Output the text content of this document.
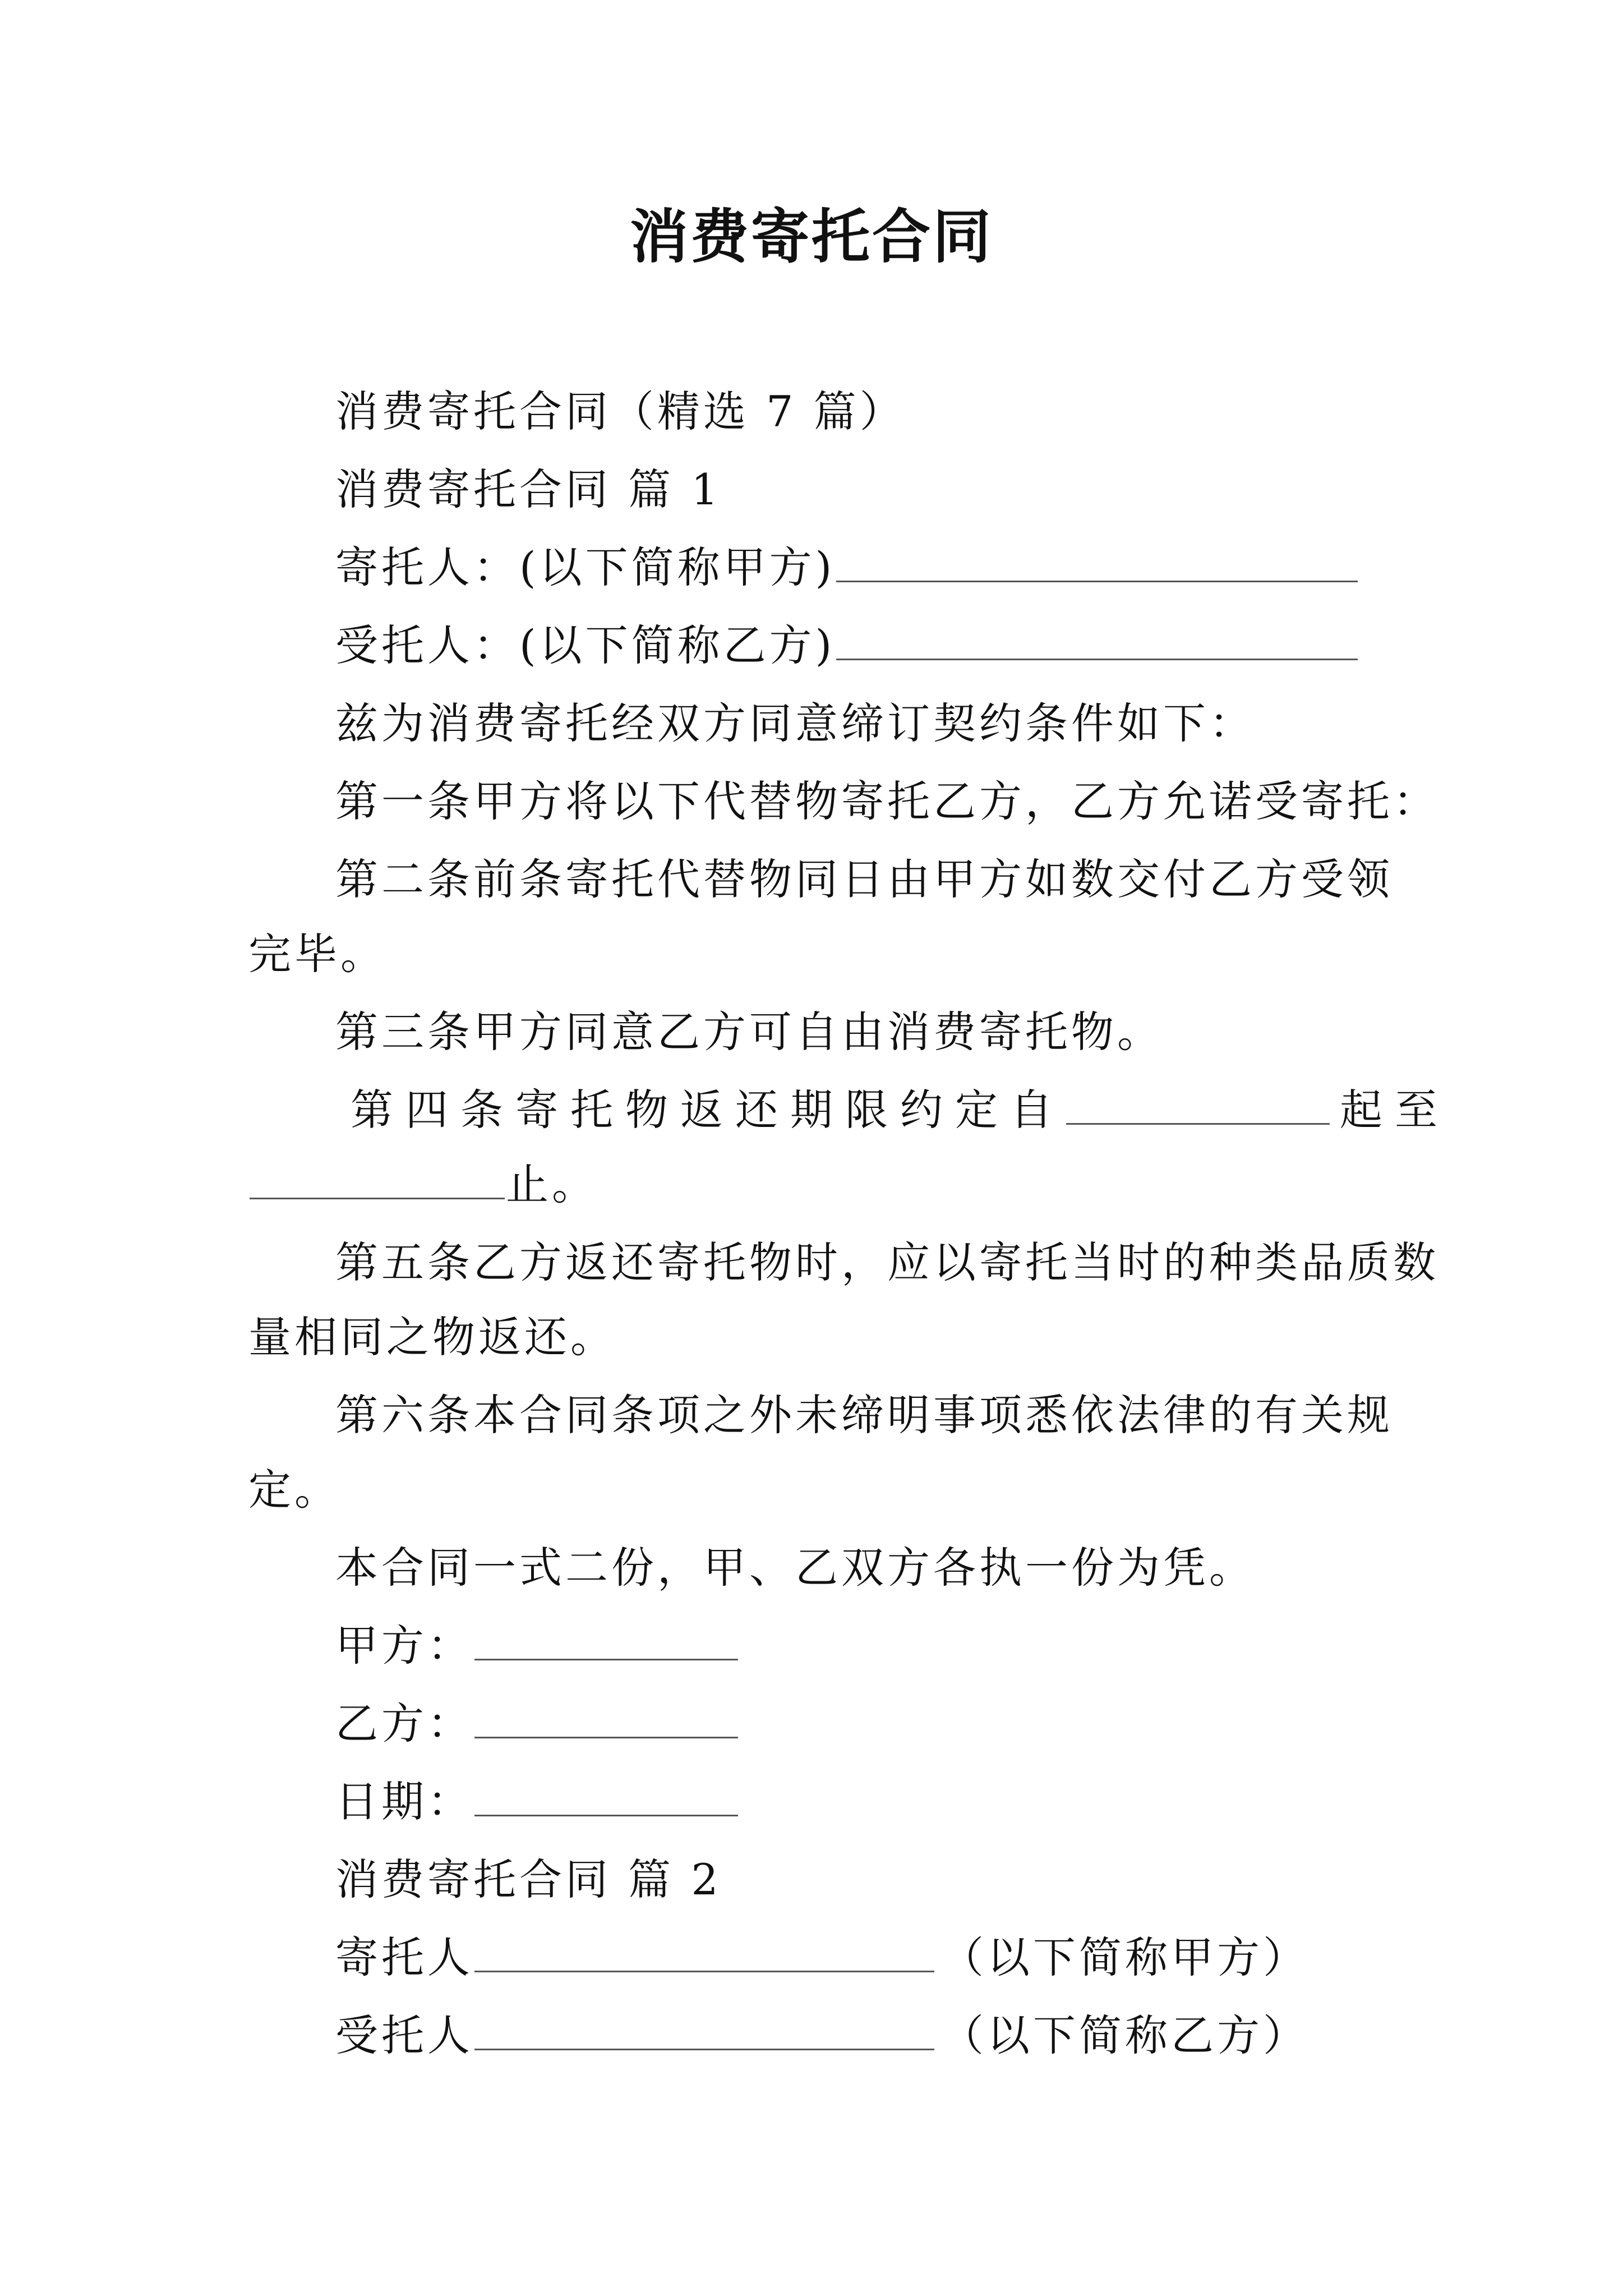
消费寄托合同
消费寄托合同（精选 7 篇）
消费寄托合同 篇 1
寄托人：(以下简称甲方)
受托人：(以下简称乙方)
兹为消费寄托经双方同意缔订契约条件如下：
第一条甲方将以下代替物寄托乙方，乙方允诺受寄托：
第二条前条寄托代替物同日由甲方如数交付乙方受领
完毕。
第三条甲方同意乙方可自由消费寄托物。
第四条寄托物返还期限约定自	起至
止。
第五条乙方返还寄托物时，应以寄托当时的种类品质数
量相同之物返还。
第六条本合同条项之外未缔明事项悉依法律的有关规
定。
本合同一式二份，甲、乙双方各执一份为凭。
甲方：
乙方：
日期：
消费寄托合同 篇 2
寄托人	（以下简称甲方）
受托人	（以下简称乙方）
